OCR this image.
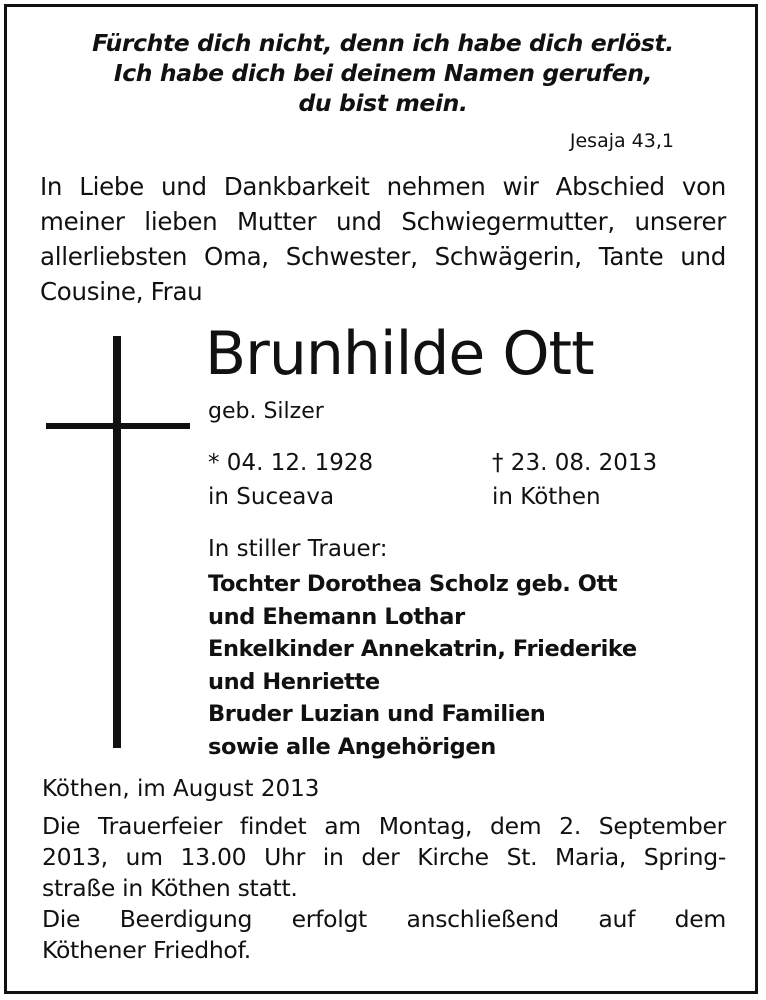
Fürchte dich nicht, denn ich habe dich erlöst.
Ich habe dich bei deinem Namen gerufen,
du bist mein.
Jesaja 43,1
In Liebe und Dankbarkeit nehmen wir Abschied von
meiner lieben Mutter und Schwiegermutter, unserer
allerliebsten Oma, Schwester, Schwägerin, Tante und
Cousine, Frau
Brunhilde Ott
geb. Silzer
* 04. 12. 1928
in Suceava
† 23. 08. 2013
in Köthen
In stiller Trauer:
Tochter Dorothea Scholz geb. Ott
und Ehemann Lothar
Enkelkinder Annekatrin, Friederike
und Henriette
Bruder Luzian und Familien
sowie alle Angehörigen
Köthen, im August 2013
Die Trauerfeier findet am Montag, dem 2. September
2013, um 13.00 Uhr in der Kirche St. Maria, Spring-
straße in Köthen statt.
Die Beerdigung erfolgt anschließend auf dem
Köthener Friedhof.
